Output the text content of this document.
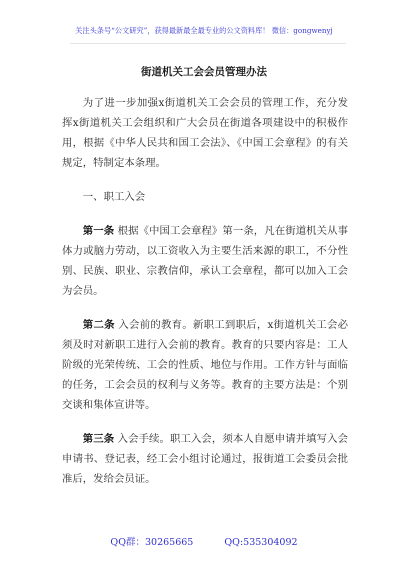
关注头条号“公文研究”，获得最新最全最专业的公文资料库！ 微信：gongwenyj
街道机关工会会员管理办法

为了进一步加强x街道机关工会会员的管理工作，充分发挥x街道机关工会组织和广大会员在街道各项建设中的积极作用，根据《中华人民共和国工会法》、《中国工会章程》的有关规定，特制定本条理。

一、职工入会

第一条 根据《中国工会章程》第一条，凡在街道机关从事体力或脑力劳动，以工资收入为主要生活来源的职工，不分性别、民族、职业、宗教信仰，承认工会章程，都可以加入工会为会员。

第二条 入会前的教育。新职工到职后，x街道机关工会必须及时对新职工进行入会前的教育。教育的只要内容是：工人阶级的光荣传统、工会的性质、地位与作用。工作方针与面临的任务，工会会员的权利与义务等。教育的主要方法是：个别交谈和集体宣讲等。

第三条 入会手续。职工入会，须本人自愿申请并填写入会申请书、登记表，经工会小组讨论通过，报街道工会委员会批准后，发给会员证。

QQ群：30265665	QQ:535304092
